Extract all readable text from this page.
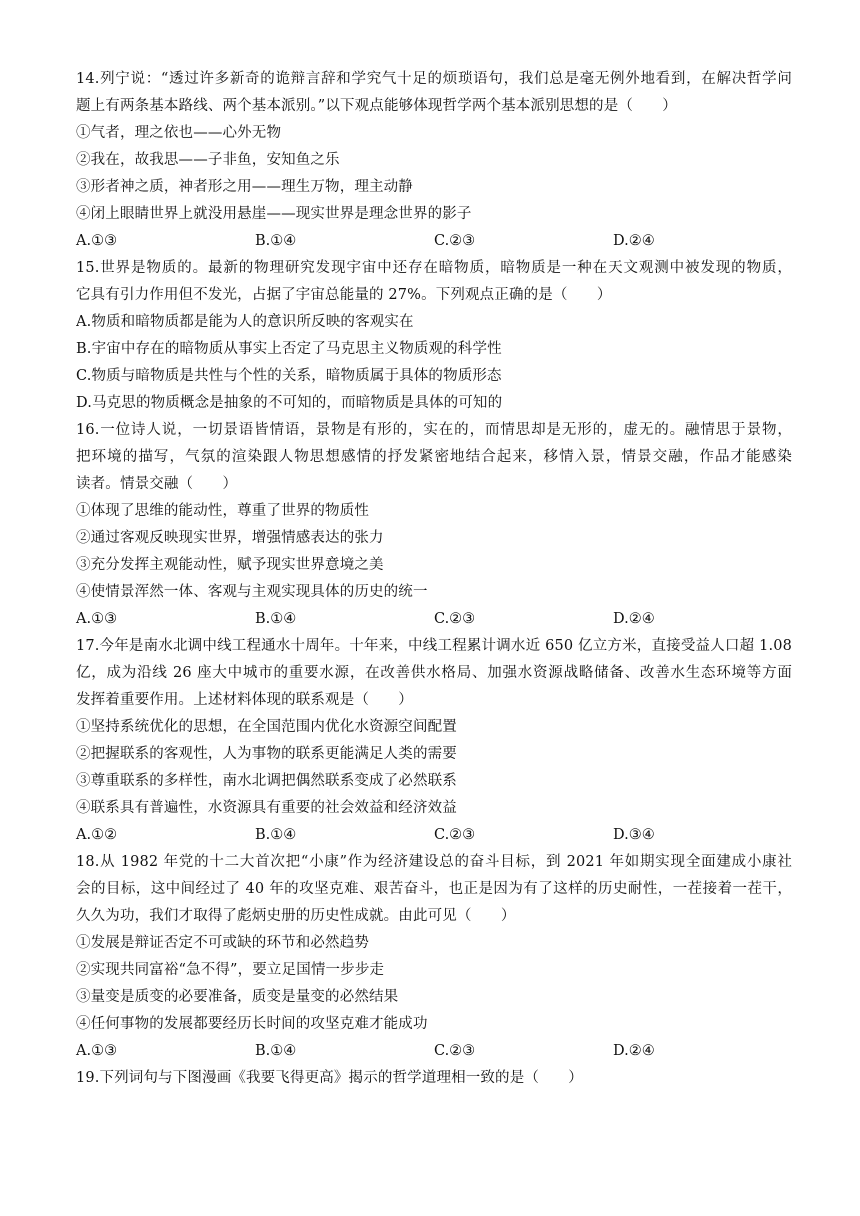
14.列宁说：“透过许多新奇的诡辩言辞和学究气十足的烦琐语句，我们总是毫无例外地看到，在解决哲学问
题上有两条基本路线、两个基本派别。”以下观点能够体现哲学两个基本派别思想的是（　　）
①气者，理之依也——心外无物
②我在，故我思——子非鱼，安知鱼之乐
③形者神之质，神者形之用——理生万物，理主动静
④闭上眼睛世界上就没用悬崖——现实世界是理念世界的影子
A.①③	B.①④	C.②③	D.②④
15.世界是物质的。最新的物理研究发现宇宙中还存在暗物质，暗物质是一种在天文观测中被发现的物质，
它具有引力作用但不发光，占据了宇宙总能量的 27%。下列观点正确的是（　　）
A.物质和暗物质都是能为人的意识所反映的客观实在
B.宇宙中存在的暗物质从事实上否定了马克思主义物质观的科学性
C.物质与暗物质是共性与个性的关系，暗物质属于具体的物质形态
D.马克思的物质概念是抽象的不可知的，而暗物质是具体的可知的
16.一位诗人说，一切景语皆情语，景物是有形的，实在的，而情思却是无形的，虚无的。融情思于景物，
把环境的描写，气氛的渲染跟人物思想感情的抒发紧密地结合起来，移情入景，情景交融，作品才能感染
读者。情景交融（　　）
①体现了思维的能动性，尊重了世界的物质性
②通过客观反映现实世界，增强情感表达的张力
③充分发挥主观能动性，赋予现实世界意境之美
④使情景浑然一体、客观与主观实现具体的历史的统一
A.①③	B.①④	C.②③	D.②④
17.今年是南水北调中线工程通水十周年。十年来，中线工程累计调水近 650 亿立方米，直接受益人口超 1.08
亿，成为沿线 26 座大中城市的重要水源，在改善供水格局、加强水资源战略储备、改善水生态环境等方面
发挥着重要作用。上述材料体现的联系观是（　　）
①坚持系统优化的思想，在全国范围内优化水资源空间配置
②把握联系的客观性，人为事物的联系更能满足人类的需要
③尊重联系的多样性，南水北调把偶然联系变成了必然联系
④联系具有普遍性，水资源具有重要的社会效益和经济效益
A.①②	B.①④	C.②③	D.③④
18.从 1982 年党的十二大首次把“小康”作为经济建设总的奋斗目标，到 2021 年如期实现全面建成小康社
会的目标，这中间经过了 40 年的攻坚克难、艰苦奋斗，也正是因为有了这样的历史耐性，一茬接着一茬干，
久久为功，我们才取得了彪炳史册的历史性成就。由此可见（　　）
①发展是辩证否定不可或缺的环节和必然趋势
②实现共同富裕“急不得”，要立足国情一步步走
③量变是质变的必要准备，质变是量变的必然结果
④任何事物的发展都要经历长时间的攻坚克难才能成功
A.①③	B.①④	C.②③	D.②④
19.下列词句与下图漫画《我要飞得更高》揭示的哲学道理相一致的是（　　）
